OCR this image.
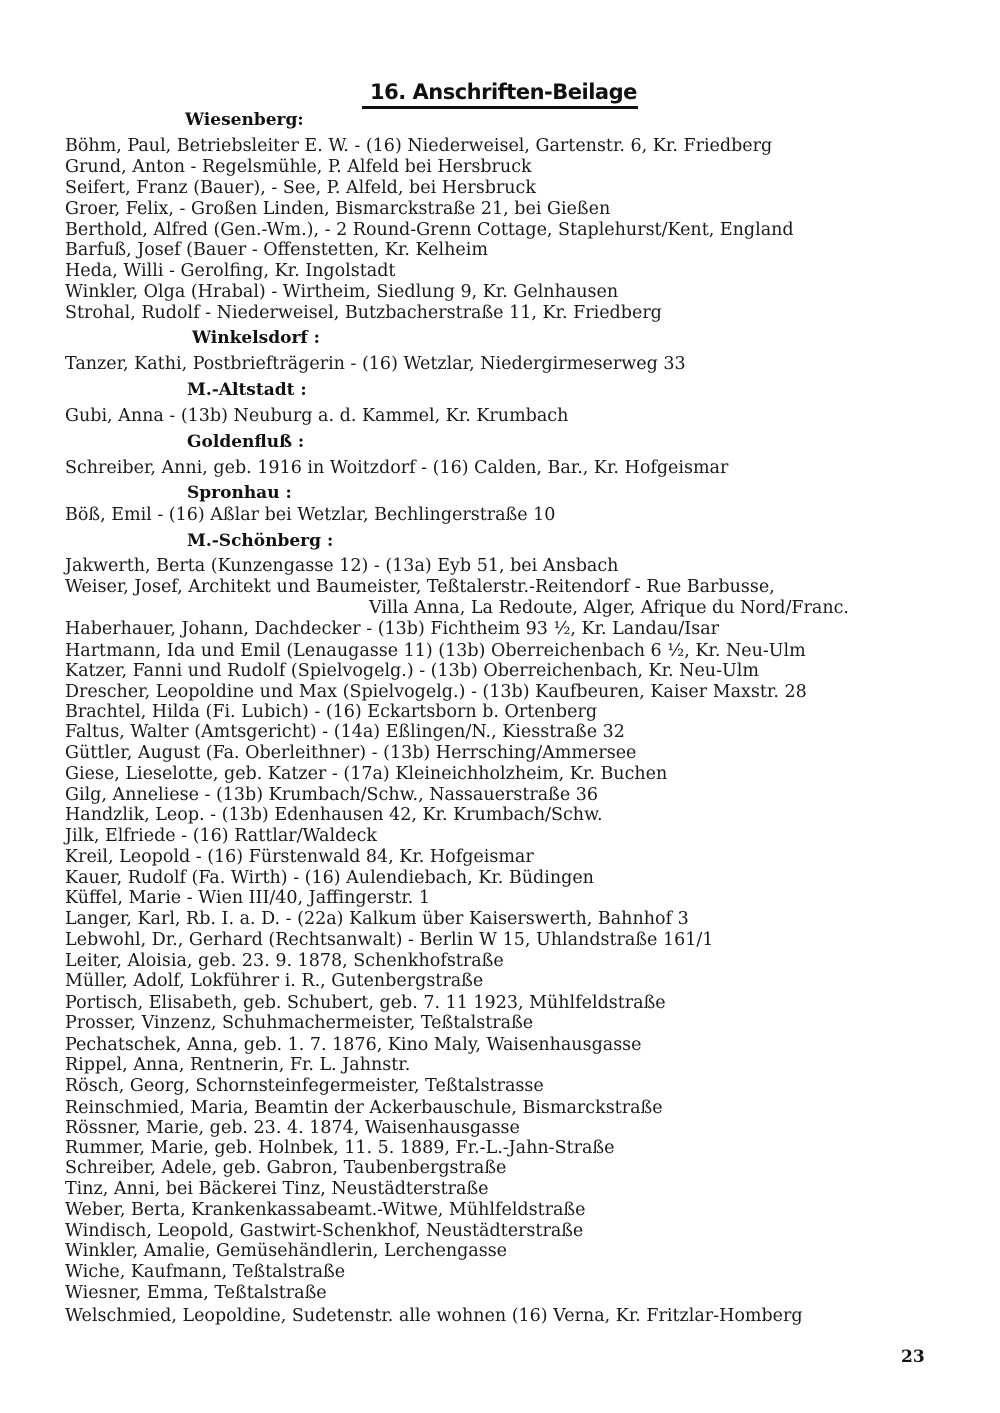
16. Anschriften-Beilage
Wiesenberg:
Böhm, Paul, Betriebsleiter E. W. - (16) Niederweisel, Gartenstr. 6, Kr. Friedberg
Grund, Anton - Regelsmühle, P. Alfeld bei Hersbruck
Seifert, Franz (Bauer), - See, P. Alfeld, bei Hersbruck
Groer, Felix, - Großen Linden, Bismarckstraße 21, bei Gießen
Berthold, Alfred (Gen.-Wm.), - 2 Round-Grenn Cottage, Staplehurst/Kent, England
Barfuß, Josef (Bauer - Offenstetten, Kr. Kelheim
Heda, Willi - Gerolfing, Kr. Ingolstadt
Winkler, Olga (Hrabal) - Wirtheim, Siedlung 9, Kr. Gelnhausen
Strohal, Rudolf - Niederweisel, Butzbacherstraße 11, Kr. Friedberg
Winkelsdorf :
Tanzer, Kathi, Postbriefträgerin - (16) Wetzlar, Niedergirmeserweg 33
M.-Altstadt :
Gubi, Anna - (13b) Neuburg a. d. Kammel, Kr. Krumbach
Goldenfluß :
Schreiber, Anni, geb. 1916 in Woitzdorf - (16) Calden, Bar., Kr. Hofgeismar
Spronhau :
Böß, Emil - (16) Aßlar bei Wetzlar, Bechlingerstraße 10
M.-Schönberg :
Jakwerth, Berta (Kunzengasse 12) - (13a) Eyb 51, bei Ansbach
Weiser, Josef, Architekt und Baumeister, Teßtalerstr.-Reitendorf - Rue Barbusse,
Villa Anna, La Redoute, Alger, Afrique du Nord/Franc.
Haberhauer, Johann, Dachdecker - (13b) Fichtheim 93 ½, Kr. Landau/Isar
Hartmann, Ida und Emil (Lenaugasse 11) (13b) Oberreichenbach 6 ½, Kr. Neu-Ulm
Katzer, Fanni und Rudolf (Spielvogelg.) - (13b) Oberreichenbach, Kr. Neu-Ulm
Drescher, Leopoldine und Max (Spielvogelg.) - (13b) Kaufbeuren, Kaiser Maxstr. 28
Brachtel, Hilda (Fi. Lubich) - (16) Eckartsborn b. Ortenberg
Faltus, Walter (Amtsgericht) - (14a) Eßlingen/N., Kiesstraße 32
Güttler, August (Fa. Oberleithner) - (13b) Herrsching/Ammersee
Giese, Lieselotte, geb. Katzer - (17a) Kleineichholzheim, Kr. Buchen
Gilg, Anneliese - (13b) Krumbach/Schw., Nassauerstraße 36
Handzlik, Leop. - (13b) Edenhausen 42, Kr. Krumbach/Schw.
Jilk, Elfriede - (16) Rattlar/Waldeck
Kreil, Leopold - (16) Fürstenwald 84, Kr. Hofgeismar
Kauer, Rudolf (Fa. Wirth) - (16) Aulendiebach, Kr. Büdingen
Küffel, Marie - Wien III/40, Jaffingerstr. 1
Langer, Karl, Rb. I. a. D. - (22a) Kalkum über Kaiserswerth, Bahnhof 3
Lebwohl, Dr., Gerhard (Rechtsanwalt) - Berlin W 15, Uhlandstraße 161/1
Leiter, Aloisia, geb. 23. 9. 1878, Schenkhofstraße
Müller, Adolf, Lokführer i. R., Gutenbergstraße
Portisch, Elisabeth, geb. Schubert, geb. 7. 11 1923, Mühlfeldstraße
Prosser, Vinzenz, Schuhmachermeister, Teßtalstraße
Pechatschek, Anna, geb. 1. 7. 1876, Kino Maly, Waisenhausgasse
Rippel, Anna, Rentnerin, Fr. L. Jahnstr.
Rösch, Georg, Schornsteinfegermeister, Teßtalstrasse
Reinschmied, Maria, Beamtin der Ackerbauschule, Bismarckstraße
Rössner, Marie, geb. 23. 4. 1874, Waisenhausgasse
Rummer, Marie, geb. Holnbek, 11. 5. 1889, Fr.-L.-Jahn-Straße
Schreiber, Adele, geb. Gabron, Taubenbergstraße
Tinz, Anni, bei Bäckerei Tinz, Neustädterstraße
Weber, Berta, Krankenkassabeamt.-Witwe, Mühlfeldstraße
Windisch, Leopold, Gastwirt-Schenkhof, Neustädterstraße
Winkler, Amalie, Gemüsehändlerin, Lerchengasse
Wiche, Kaufmann, Teßtalstraße
Wiesner, Emma, Teßtalstraße
Welschmied, Leopoldine, Sudetenstr. alle wohnen (16) Verna, Kr. Fritzlar-Homberg
23
